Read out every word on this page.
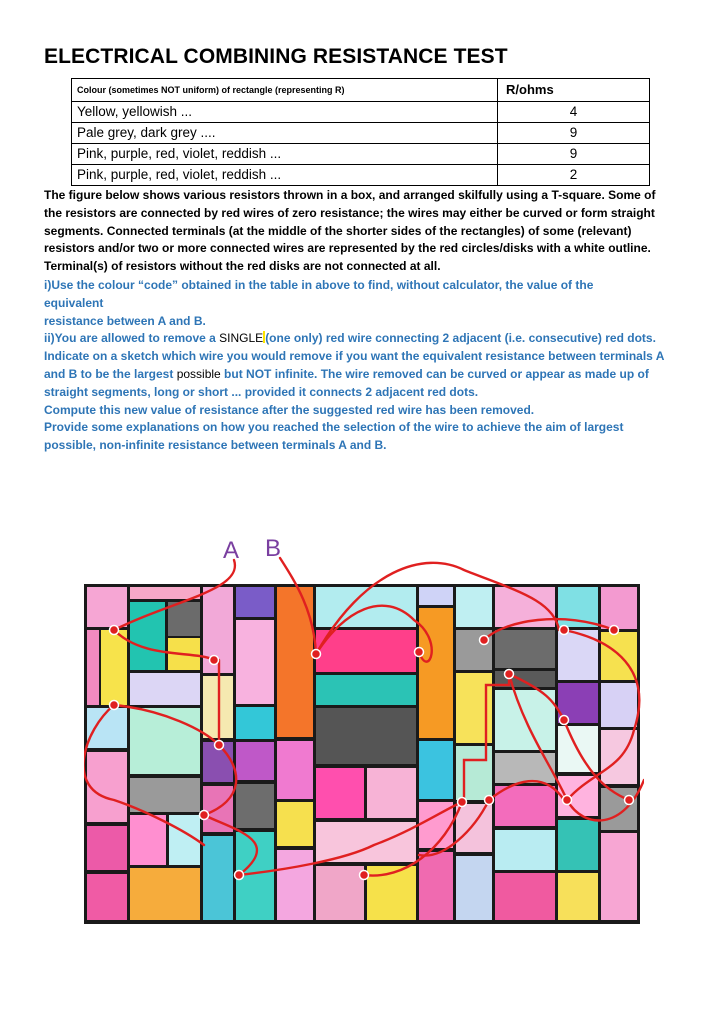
ELECTRICAL COMBINING RESISTANCE TEST
Colour (sometimes NOT uniform) of rectangle (representing R)	R/ohms
Yellow, yellowish ...	4
Pale grey, dark grey ....	9
Pink, purple, red, violet, reddish ...	9
Pink, purple, red, violet, reddish ...	2
The figure below shows various resistors thrown in a box, and arranged skilfully using a T-square. Some of the resistors are connected by red wires of zero resistance; the wires may either be curved or form straight segments. Connected terminals (at the middle of the shorter sides of the rectangles) of some (relevant) resistors and/or two or more connected wires are represented by the red circles/disks with a white outline. Terminal(s) of resistors without the red disks are not connected at all.
i)Use the colour “code” obtained in the table in above to find, without calculator, the value of the
equivalent
resistance between A and B.
ii)You are allowed to remove a SINGLE (one only) red wire connecting 2 adjacent (i.e. consecutive) red dots.
Indicate on a sketch which wire you would remove if you want the equivalent resistance between terminals A and B to be the largest possible but NOT infinite. The wire removed can be curved or appear as made up of straight segments, long or short ... provided it connects 2 adjacent red dots.
Compute this new value of resistance after the suggested red wire has been removed.
Provide some explanations on how you reached the selection of the wire to achieve the aim of largest possible, non-infinite resistance between terminals A and B.
A B
